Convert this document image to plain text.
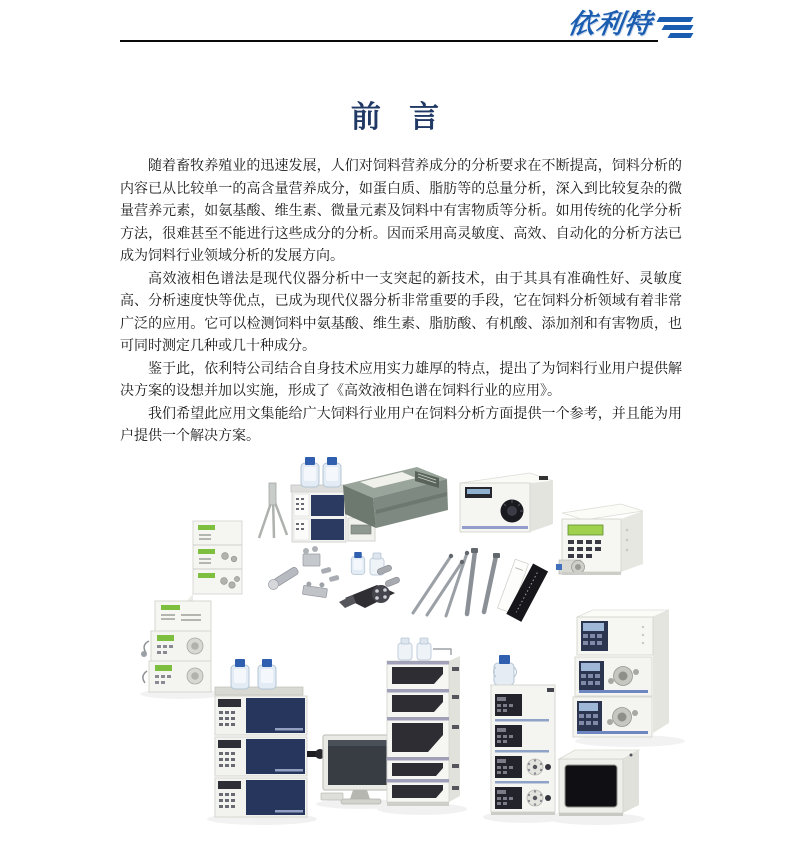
依利特
前 言

随着畜牧养殖业的迅速发展，人们对饲料营养成分的分析要求在不断提高，饲料分析的内容已从比较单一的高含量营养成分，如蛋白质、脂肪等的总量分析，深入到比较复杂的微量营养元素，如氨基酸、维生素、微量元素及饲料中有害物质等分析。如用传统的化学分析方法，很难甚至不能进行这些成分的分析。因而采用高灵敏度、高效、自动化的分析方法已成为饲料行业领域分析的发展方向。

高效液相色谱法是现代仪器分析中一支突起的新技术，由于其具有准确性好、灵敏度高、分析速度快等优点，已成为现代仪器分析非常重要的手段，它在饲料分析领域有着非常广泛的应用。它可以检测饲料中氨基酸、维生素、脂肪酸、有机酸、添加剂和有害物质，也可同时测定几种或几十种成分。

鉴于此，依利特公司结合自身技术应用实力雄厚的特点，提出了为饲料行业用户提供解决方案的设想并加以实施，形成了《高效液相色谱在饲料行业的应用》。

我们希望此应用文集能给广大饲料行业用户在饲料分析方面提供一个参考，并且能为用户提供一个解决方案。
